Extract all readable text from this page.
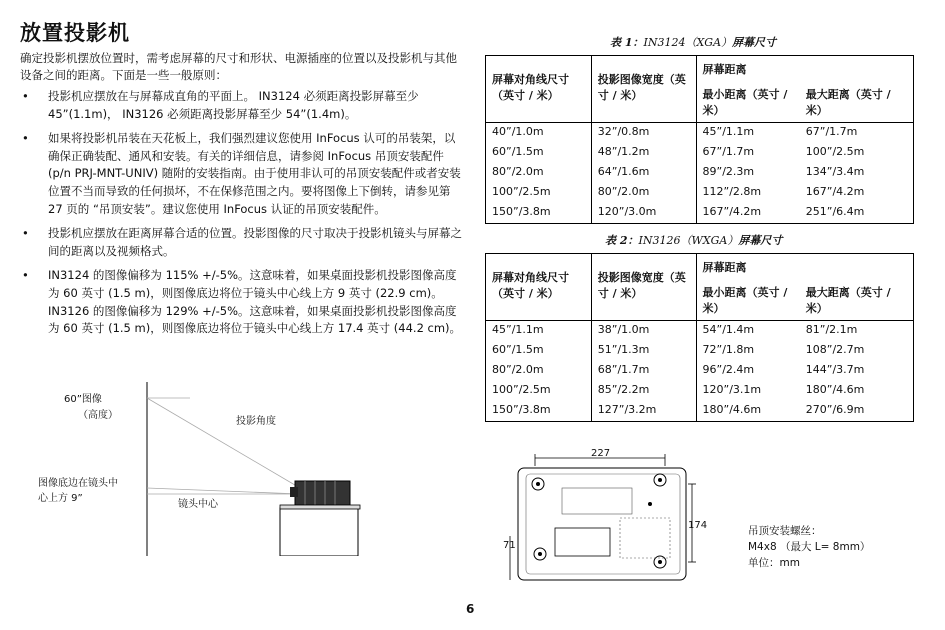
放置投影机
确定投影机摆放位置时，需考虑屏幕的尺寸和形状、电源插座的位置以及投影机与其他设备之间的距离。下面是一些一般原则：
• 投影机应摆放在与屏幕成直角的平面上。 IN3124 必须距离投影屏幕至少 45”(1.1m)， IN3126 必须距离投影屏幕至少 54”(1.4m)。
• 如果将投影机吊装在天花板上，我们强烈建议您使用 InFocus 认可的吊装架，以确保正确装配、通风和安装。有关的详细信息，请参阅 InFocus 吊顶安装配件 (p/n PRJ-MNT-UNIV) 随附的安装指南。由于使用非认可的吊顶安装配件或者安装位置不当而导致的任何损坏，不在保修范围之内。要将图像上下倒转，请参见第 27 页的 “吊顶安装”。建议您使用 InFocus 认证的吊顶安装配件。
• 投影机应摆放在距离屏幕合适的位置。投影图像的尺寸取决于投影机镜头与屏幕之间的距离以及视频格式。
• IN3124 的图像偏移为 115% +/-5%。这意味着，如果桌面投影机投影图像高度为 60 英寸 (1.5 m)，则图像底边将位于镜头中心线上方 9 英寸 (22.9 cm)。 IN3126 的图像偏移为 129% +/-5%。这意味着，如果桌面投影机投影图像高度为 60 英寸 (1.5 m)，则图像底边将位于镜头中心线上方 17.4 英寸 (44.2 cm)。
60”图像
（高度）
投影角度
图像底边在镜头中
心上方 9”
镜头中心
表 1：IN3124（XGA）屏幕尺寸
屏幕对角线尺寸（英寸 / 米）	投影图像宽度（英寸 / 米）	屏幕距离	
		最小距离（英寸 / 米）	最大距离（英寸 / 米）
40”/1.0m	32”/0.8m	45”/1.1m	67”/1.7m
60”/1.5m	48”/1.2m	67”/1.7m	100”/2.5m
80”/2.0m	64”/1.6m	89”/2.3m	134”/3.4m
100”/2.5m	80”/2.0m	112”/2.8m	167”/4.2m
150”/3.8m	120”/3.0m	167”/4.2m	251”/6.4m
表 2：IN3126（WXGA）屏幕尺寸
屏幕对角线尺寸（英寸 / 米）	投影图像宽度（英寸 / 米）	屏幕距离	
		最小距离（英寸 / 米）	最大距离（英寸 / 米）
45”/1.1m	38”/1.0m	54”/1.4m	81”/2.1m
60”/1.5m	51”/1.3m	72”/1.8m	108”/2.7m
80”/2.0m	68”/1.7m	96”/2.4m	144”/3.7m
100”/2.5m	85”/2.2m	120”/3.1m	180”/4.6m
150”/3.8m	127”/3.2m	180”/4.6m	270”/6.9m
227
174
71
吊顶安装螺丝：
M4x8 （最大 L= 8mm）
单位：mm
6
